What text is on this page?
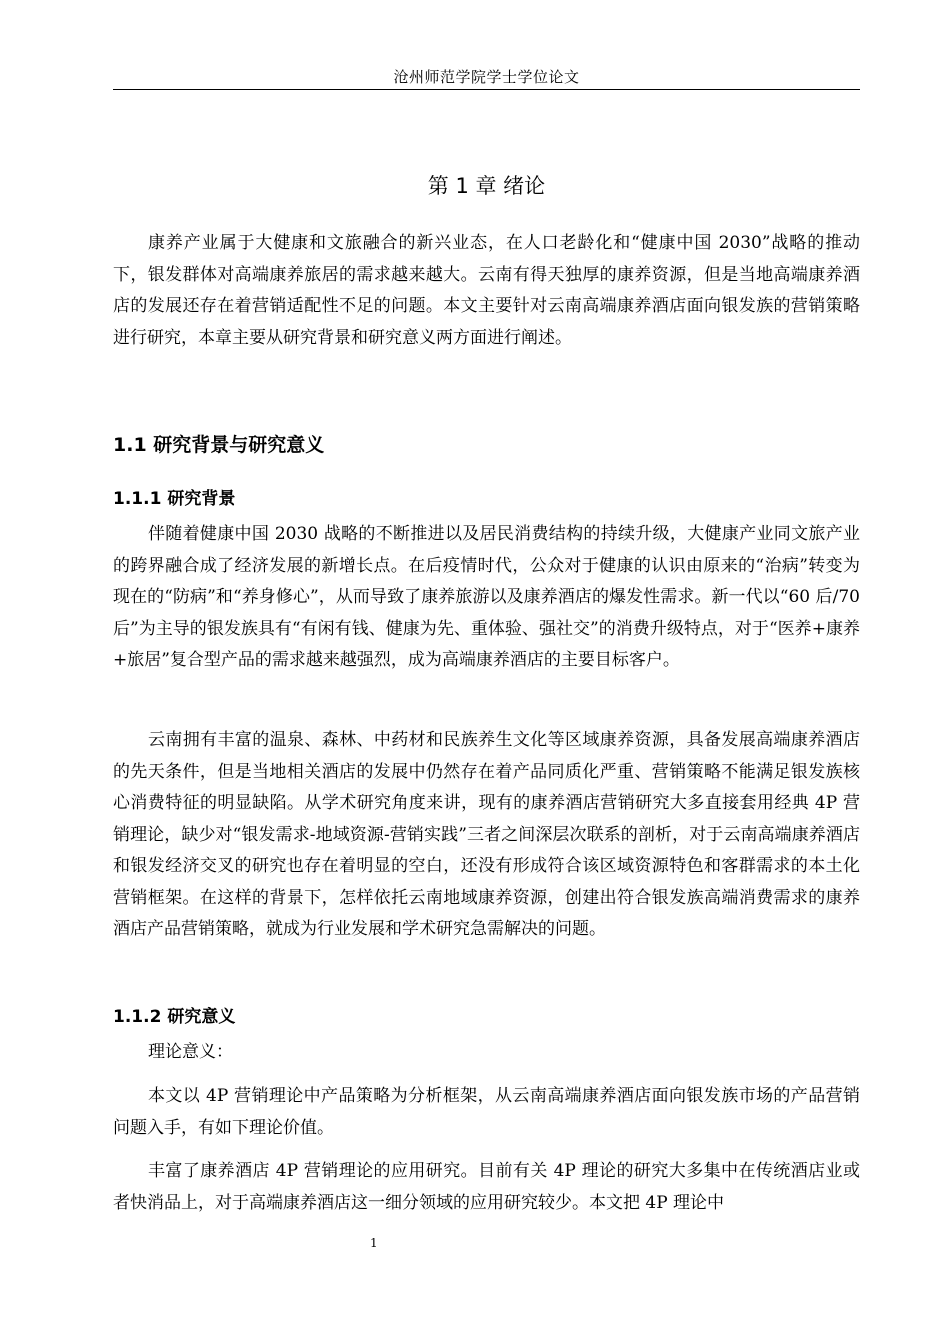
沧州师范学院学士学位论文
第 1 章 绪论

康养产业属于大健康和文旅融合的新兴业态，在人口老龄化和“健康中国 2030”战略的推动下，银发群体对高端康养旅居的需求越来越大。云南有得天独厚的康养资源，但是当地高端康养酒店的发展还存在着营销适配性不足的问题。本文主要针对云南高端康养酒店面向银发族的营销策略进行研究，本章主要从研究背景和研究意义两方面进行阐述。

1.1 研究背景与研究意义
1.1.1 研究背景

伴随着健康中国 2030 战略的不断推进以及居民消费结构的持续升级，大健康产业同文旅产业的跨界融合成了经济发展的新增长点。在后疫情时代，公众对于健康的认识由原来的“治病”转变为现在的“防病”和“养身修心”，从而导致了康养旅游以及康养酒店的爆发性需求。新一代以“60 后/70 后”为主导的银发族具有“有闲有钱、健康为先、重体验、强社交”的消费升级特点，对于“医养+康养+旅居”复合型产品的需求越来越强烈，成为高端康养酒店的主要目标客户。

云南拥有丰富的温泉、森林、中药材和民族养生文化等区域康养资源，具备发展高端康养酒店的先天条件，但是当地相关酒店的发展中仍然存在着产品同质化严重、营销策略不能满足银发族核心消费特征的明显缺陷。从学术研究角度来讲，现有的康养酒店营销研究大多直接套用经典 4P 营销理论，缺少对“银发需求-地域资源-营销实践”三者之间深层次联系的剖析，对于云南高端康养酒店和银发经济交叉的研究也存在着明显的空白，还没有形成符合该区域资源特色和客群需求的本土化营销框架。在这样的背景下，怎样依托云南地域康养资源，创建出符合银发族高端消费需求的康养酒店产品营销策略，就成为行业发展和学术研究急需解决的问题。

1.1.2 研究意义

理论意义：

本文以 4P 营销理论中产品策略为分析框架，从云南高端康养酒店面向银发族市场的产品营销问题入手，有如下理论价值。

丰富了康养酒店 4P 营销理论的应用研究。目前有关 4P 理论的研究大多集中在传统酒店业或者快消品上，对于高端康养酒店这一细分领域的应用研究较少。本文把 4P 理论中

1
